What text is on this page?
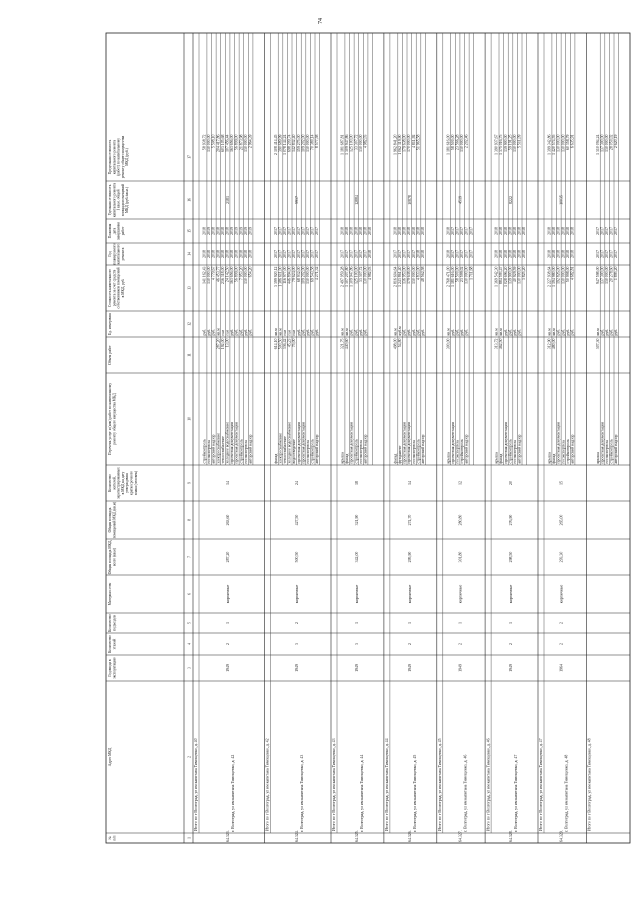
74
№п/п
Адрес МКД
Год ввода вэксплуатацию
Количествоэтажей
Количествоподъездов
Материал стен
Общая площадь МКД,всего (кв.м)
Общая площадьпомещений МКД (кв.м)
Количествожителей,зарегистрированныхв МКД на датуутверждениякраткосрочногоплана (человек)
Перечень услуг и (или) работ по капитальномуремонту общего имущества МКД
Объем работ
Ед. измерения
Стоимость капитальногоремонта за счет средствсобственников помещенийв МКД, руб.
Годпланируемогокапитальногоремонта
Плановаядатазавершенияработ
Удельная стоимостькапитального ремонта1 кв.м. общейплощади помещенийМКД (руб./кв.м.)
Предельная стоимостькапитального ремонта(работ) по капитальномуремонту общего имуществаМКД (руб.)
1
2
3
4
5
6
7
8
9
10
11
12
13
14
15
16
17
Итого по г Волгоград, ул им капитана Тимощенко, д. 40
стройконтроль
руб.
141 162,43
2018
2018
58 938,72
госэкспертиза
руб.
130 000,00
2018
2019
130 000,00
авторский надзор
руб.
4 779,67
2018
2018
5 508,10
электроснабжение
287,20
кв.м
46 453,77
2018
2018
204 417,86
теплоснабжение
192,00
п.м
236 318,00
2018
2018
603 105,68
холодное водоснабжение
13,00
п.м
24 142,50
2018
2018
107 456,44
проектная документация
руб.
163 656,00
2018
2019
163 656,00
проектная документация
руб.
56 899,00
2018
2019
56 899,00
стройконтроль
руб.
7 953,20
2018
2019
21 873,98
госэкспертиза
руб.
130 000,00
2018
2019
130 000,00
авторский надзор
руб.
654,20
2018
2019
2 964,39
64.323.
г. Волгоград, ул им капитана Тимощенко, д. 42
1949
2
1
кирпичные
287,20
263,60
14
2181
Итого по г Волгоград, ул им капитана Тимощенко, д. 42
фасад
614,10
кв.м
3 399 920,12
2017
2017
2 108 414,45
электроснабжение
500,50
кв.м
1 386 611,00
2017
2017
390 689,99
теплоснабжение
336,42
п.м
116 977,00
2017
2017
1 078 144,24
холодное водоснабжение
45,23
п.м
446 894,00
2017
2017
698 209,74
водоотведение
75,00
п.м
79 624,00
2017
2017
142 832,40
проектная документация
руб.
68 932,00
2017
2017
159 275,00
проектная документация
руб.
109 202,00
2017
2017
109 202,00
госэкспертиза
руб.
130 000,00
2017
2017
130 000,00
стройконтроль
руб.
69 543,58
2017
2017
70 380,14
авторский надзор
руб.
4 271,32
2017
2017
8 577,58
64.324.
г. Волгоград, ул им капитана Тимощенко, д. 43
1949
3
2
кирпичные
500,50
427,50
24
5937
Итого по г Волгоград, ул им капитана Тимощенко, д. 43
крыша
321,75
кв.м
2 497 959,28
2017
2018
1 181 687,81
фасад
440,60
кв.м
1 307 207,80
2017
2018
1 309 947,86
проектная документация
руб.
1 309 947,86
2017
2018
125 100,00
стройконтроль
руб.
125 100,00
2017
2018
33 307,72
госэкспертиза
руб.
33 307,72
2017
2018
130 000,00
авторский надзор
руб.
130 000,00
2017
2018
4 982,03
4 982,03
2018
2018
64.325.
г. Волгоград, ул им капитана Тимощенко, д. 44
1949
3
1
кирпичные
342,00
321,90
18
12884
Итого по г Волгоград, ул им капитана Тимощенко, д. 44
фасад
498,00
кв.м
2 816 604,64
2017
2018
1 962 841,20
фундамент
54,80
куб.м
1 243 861,40
2017
2018
1 062 119,90
проектная документация
руб.
136 953,00
2017
2018
179 638,00
проектная документация
руб.
179 638,00
2017
2018
170 000,00
госэкспертиза
руб.
130 000,00
2017
2018
4 811,92
стройконтроль
руб.
4 833,00
2018
2018
51 965,58
авторский надзор
руб.
48 562,58
2018
2018
64.326.
г. Волгоград, ул им капитана Тимощенко, д. 45
1949
2
1
кирпичные
295,90
274,70
14
10878
Итого по г Волгоград, ул им капитана Тимощенко, д. 45
крыша
300,00
кв.м
2 768 471,00
2018
2018
1 181 616,00
проектная документация
руб.
1 181 616,00
2017
2017
58 500,00
госэкспертиза
руб.
58 500,00
2017
2017
23 566,28
стройконтроль
руб.
23 599,02
2017
2017
130 000,00
авторский надзор
руб.
130 000,00
2017
2017
2 202,46
1 711,68
2017
2017
64.327.
г. Волгоград, ул им капитана Тимощенко, д. 46
1949
2
1
кирпичные
301,80
280,80
12
4519
Итого по г Волгоград, ул им капитана Тимощенко, д. 46
крыша
313,72
кв.м
1 369 542,30
2018
2018
1 390 937,67
фасад
462,50
кв.м
884 593,47
2018
2018
1 375 016,75
проектная документация
руб.
1 028 696,20
2018
2018
139 900,00
стройконтроль
руб.
139 900,00
2018
2018
59 191,25
госэкспертиза
руб.
40 929,59
2018
2018
130 000,00
авторский надзор
руб.
130 000,00
2018
2018
5 511,09
3 825,20
2018
2018
64.328.
г. Волгоград, ул им капитана Тимощенко, д. 47
1949
2
1
кирпичные
298,50
276,90
20
8222
Итого по г Волгоград, ул им капитана Тимощенко, д. 47
крыша
312,90
кв.м
2 227 938,64
2018
2018
1 399 342,86
фасад
480,00
кв.м
1 194 980,00
2018
2018
1 420 574,55
проектная документация
руб.
192 826,00
2018
2018
130 000,00
госэкспертиза
руб.
130 000,00
2018
2018
130 000,00
стройконтроль
руб.
50 998,00
2018
2018
60 358,79
авторский надзор
руб.
4 682,81
2018
2018
6 635,91
64.329.
г. Волгоград, ул им капитана Тимощенко, д. 48
1964
2
2
кирпичные
293,30
265,00
15
10035
Итого по г Волгоград, ул им капитана Тимощенко, д. 48
крыша
307,30
кв.м
947 598,00
2017
2017
1 310 094,24
проектная документация
руб.
137 300,00
2017
2017
137 300,00
госэкспертиза
руб.
130 000,00
2017
2017
130 000,00
стройконтроль
руб.
20 278,60
2017
2017
28 050,02
авторский надзор
руб.
1 895,20
2017
2017
2 620,19
